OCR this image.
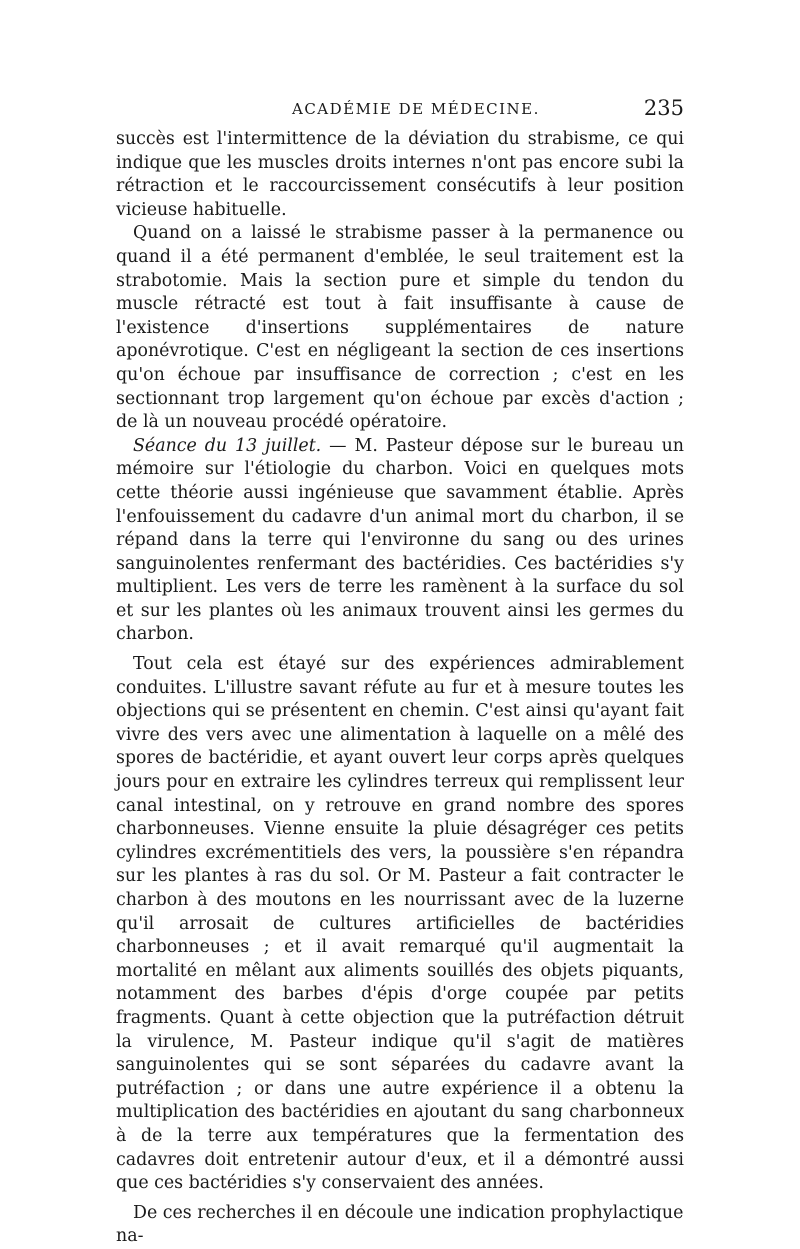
ACADÉMIE DE MÉDECINE.	235

succès est l'intermittence de la déviation du strabisme, ce qui indique que les muscles droits internes n'ont pas encore subi la rétraction et le raccourcissement consécutifs à leur position vicieuse habituelle.

Quand on a laissé le strabisme passer à la permanence ou quand il a été permanent d'emblée, le seul traitement est la strabotomie. Mais la section pure et simple du tendon du muscle rétracté est tout à fait insuffisante à cause de l'existence d'insertions supplémentaires de nature aponévrotique. C'est en négligeant la section de ces insertions qu'on échoue par insuffisance de correction ; c'est en les sectionnant trop largement qu'on échoue par excès d'action ; de là un nouveau procédé opératoire.

Séance du 13 juillet. — M. Pasteur dépose sur le bureau un mémoire sur l'étiologie du charbon. Voici en quelques mots cette théorie aussi ingénieuse que savamment établie. Après l'enfouissement du cadavre d'un animal mort du charbon, il se répand dans la terre qui l'environne du sang ou des urines sanguinolentes renfermant des bactéridies. Ces bactéridies s'y multiplient. Les vers de terre les ramènent à la surface du sol et sur les plantes où les animaux trouvent ainsi les germes du charbon.

Tout cela est étayé sur des expériences admirablement conduites. L'illustre savant réfute au fur et à mesure toutes les objections qui se présentent en chemin. C'est ainsi qu'ayant fait vivre des vers avec une alimentation à laquelle on a mêlé des spores de bactéridie, et ayant ouvert leur corps après quelques jours pour en extraire les cylindres terreux qui remplissent leur canal intestinal, on y retrouve en grand nombre des spores charbonneuses. Vienne ensuite la pluie désagréger ces petits cylindres excrémentitiels des vers, la poussière s'en répandra sur les plantes à ras du sol. Or M. Pasteur a fait contracter le charbon à des moutons en les nourrissant avec de la luzerne qu'il arrosait de cultures artificielles de bactéridies charbonneuses ; et il avait remarqué qu'il augmentait la mortalité en mêlant aux aliments souillés des objets piquants, notamment des barbes d'épis d'orge coupée par petits fragments. Quant à cette objection que la putréfaction détruit la virulence, M. Pasteur indique qu'il s'agit de matières sanguinolentes qui se sont séparées du cadavre avant la putréfaction ; or dans une autre expérience il a obtenu la multiplication des bactéridies en ajoutant du sang charbonneux à de la terre aux températures que la fermentation des cadavres doit entretenir autour d'eux, et il a démontré aussi que ces bactéridies s'y conservaient des années.

De ces recherches il en découle une indication prophylactique na-
